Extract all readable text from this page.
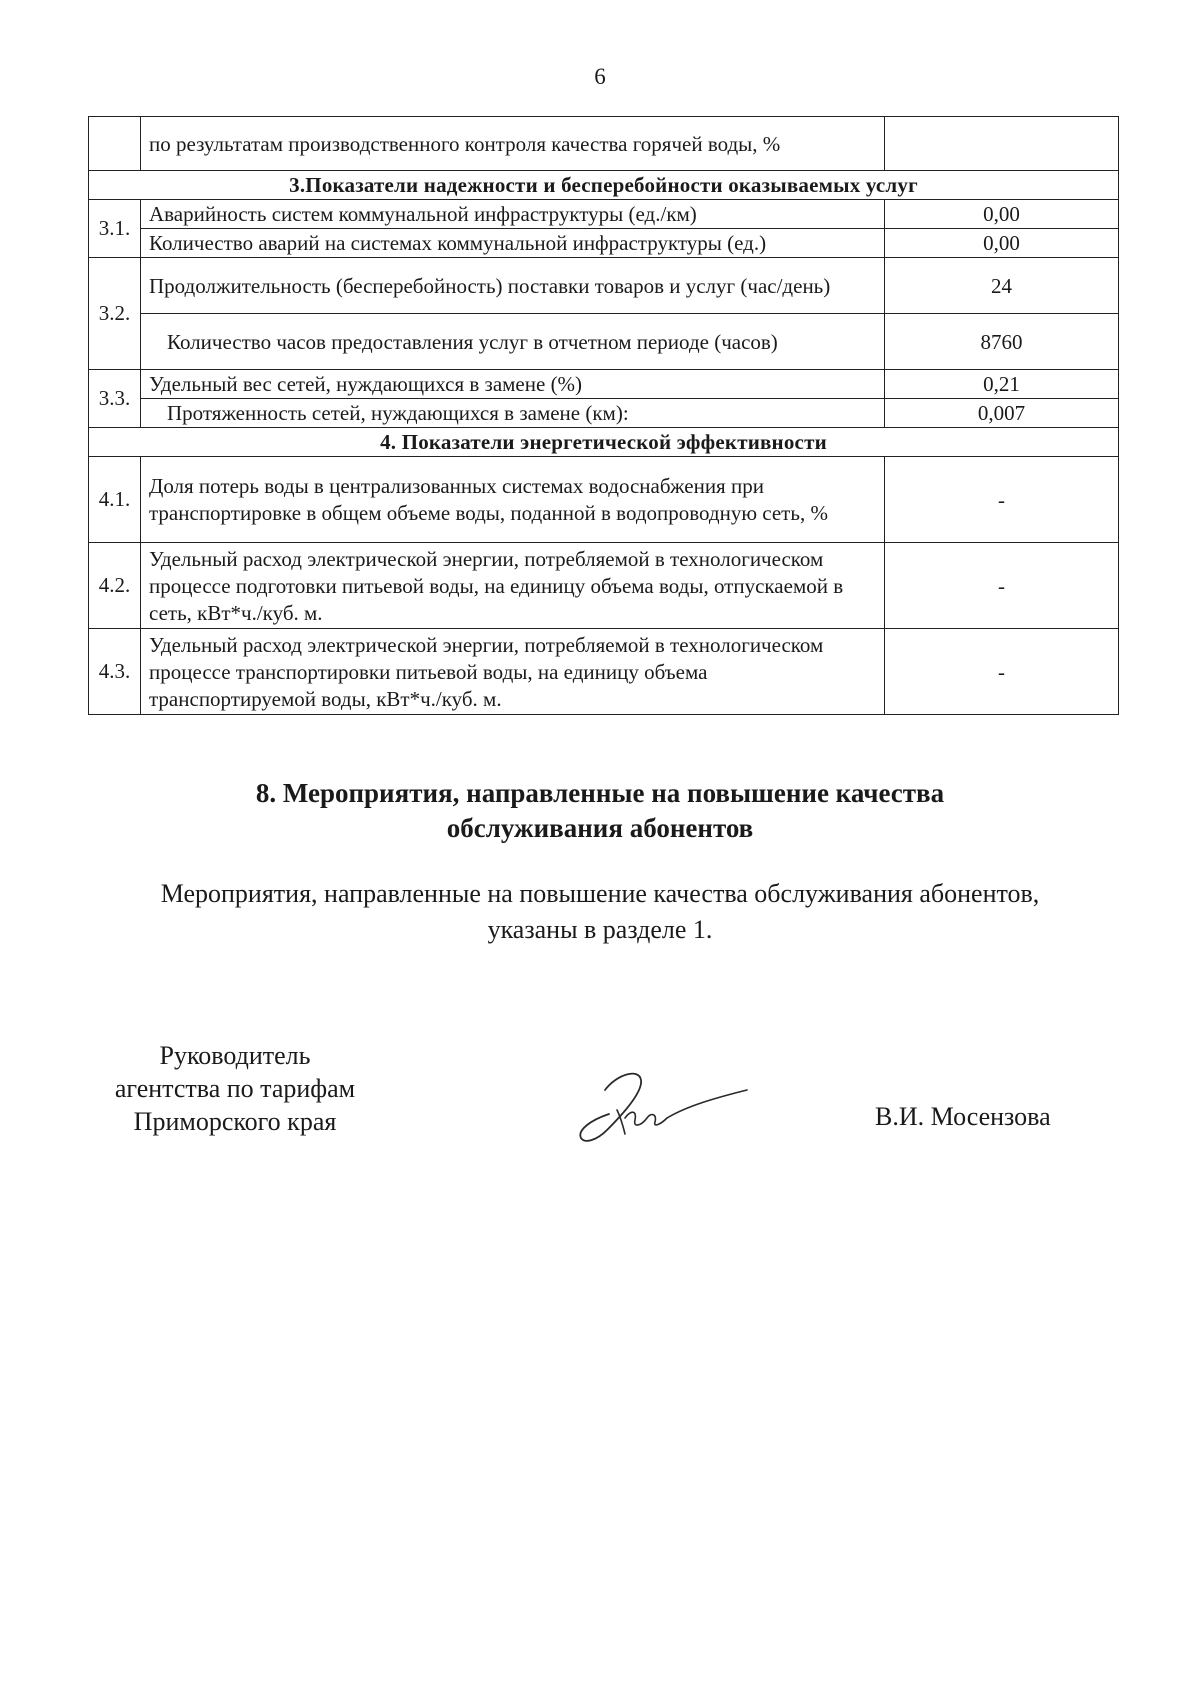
6
	по результатам производственного контроля качества горячей воды, %	
3.Показатели надежности и бесперебойности оказываемых услуг		
3.1.	Аварийность систем коммунальной инфраструктуры (ед./км)	0,00
	Количество аварий на системах коммунальной инфраструктуры (ед.)	0,00
3.2.	Продолжительность (бесперебойность) поставки товаров и услуг (час/день)	24
	Количество часов предоставления услуг в отчетном периоде (часов)	8760
3.3.	Удельный вес сетей, нуждающихся в замене (%)	0,21
	Протяженность сетей, нуждающихся в замене (км):	0,007
4. Показатели энергетической эффективности		
4.1.	Доля потерь воды в централизованных системах водоснабжения при транспортировке в общем объеме воды, поданной в водопроводную сеть, %	-
4.2.	Удельный расход электрической энергии, потребляемой в технологическом процессе подготовки питьевой воды, на единицу объема воды, отпускаемой в сеть, кВт*ч./куб. м.	-
4.3.	Удельный расход электрической энергии, потребляемой в технологическом процессе транспортировки питьевой воды, на единицу объема транспортируемой воды, кВт*ч./куб. м.	-
8. Мероприятия, направленные на повышение качества
обслуживания абонентов

Мероприятия, направленные на повышение качества обслуживания абонентов,
указаны в разделе 1.

Руководитель
агентства по тарифам
Приморского края	В.И. Мосензова
